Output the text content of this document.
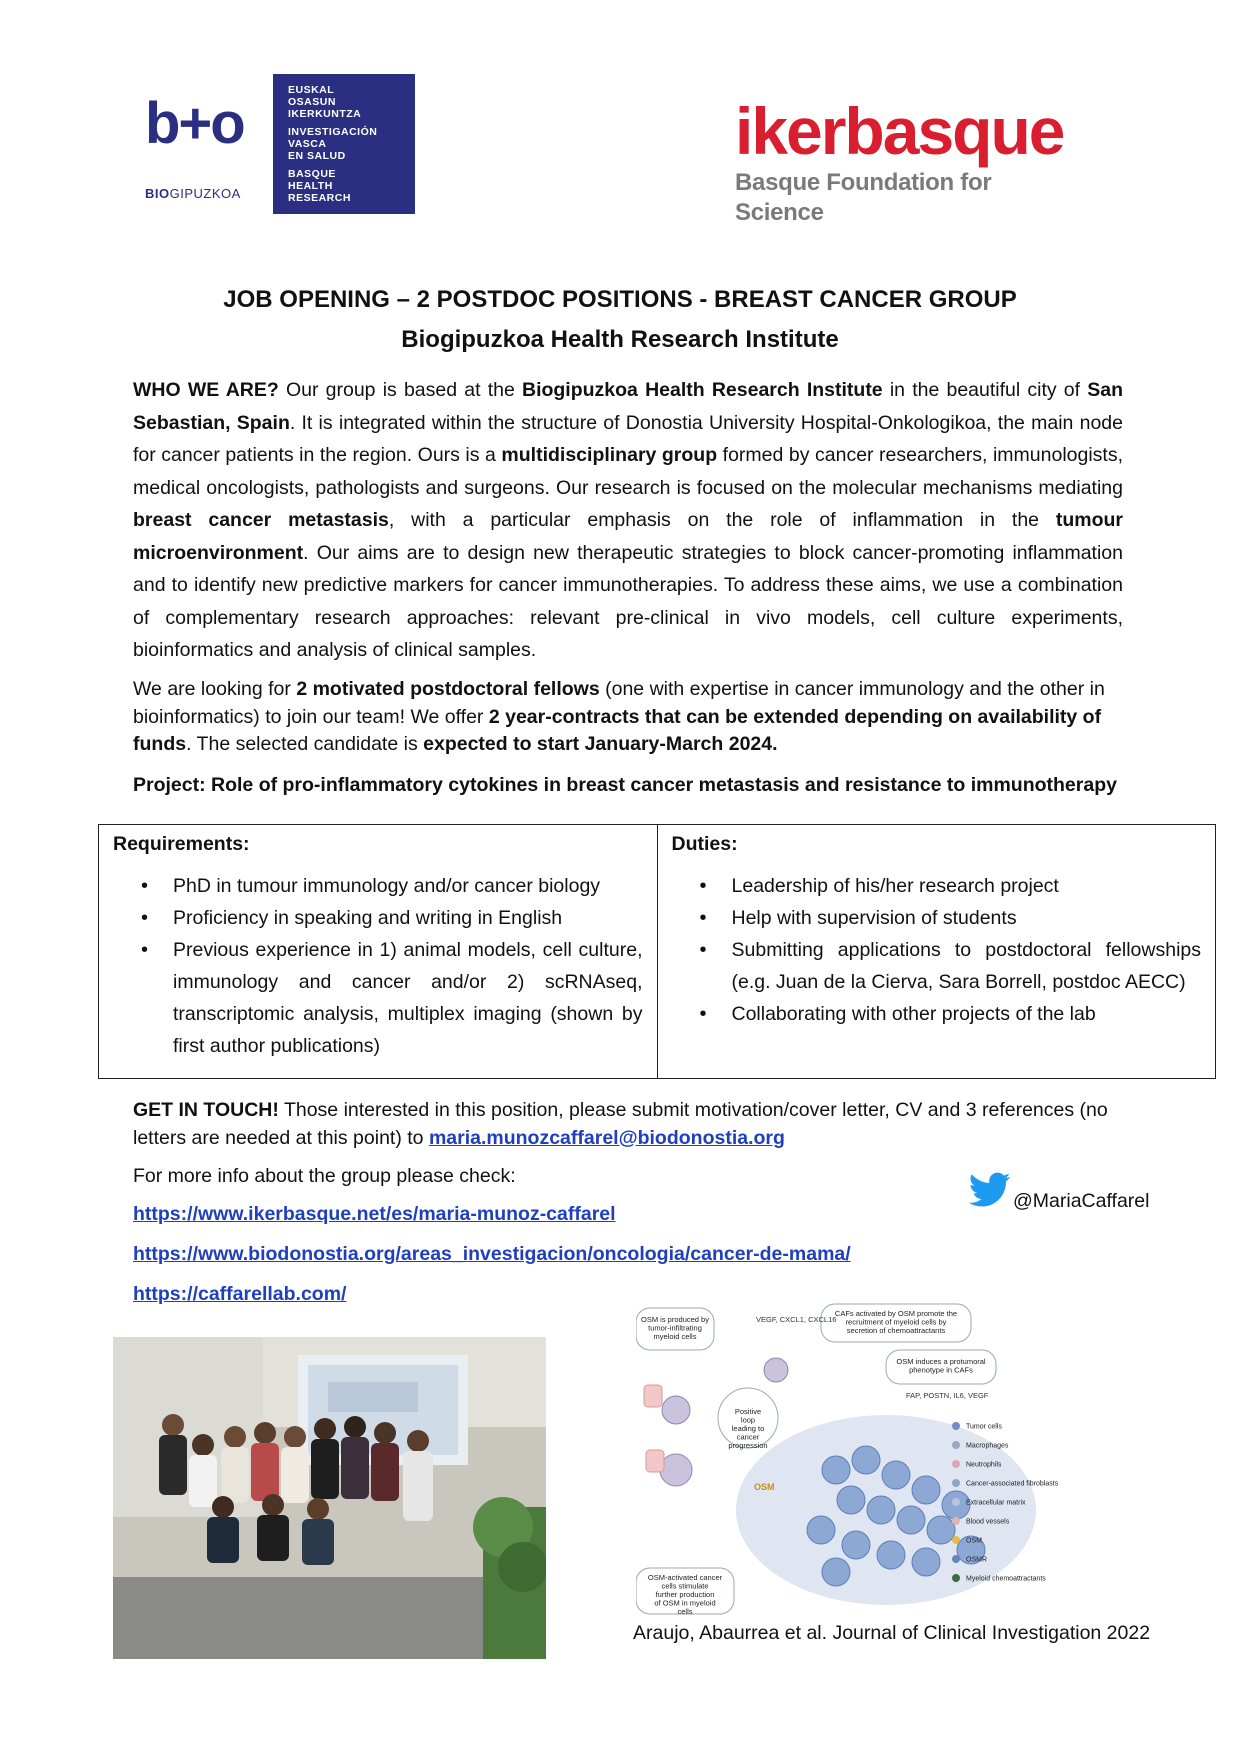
b+o
BIOGIPUZKOA
EUSKAL
OSASUN
IKERKUNTZA
INVESTIGACIÓN
VASCA
EN SALUD
BASQUE
HEALTH
RESEARCH
ikerbasque
Basque Foundation for Science
JOB OPENING – 2 POSTDOC POSITIONS - BREAST CANCER GROUP
Biogipuzkoa Health Research Institute
WHO WE ARE? Our group is based at the Biogipuzkoa Health Research Institute in the beautiful city of San Sebastian, Spain. It is integrated within the structure of Donostia University Hospital-Onkologikoa, the main node for cancer patients in the region. Ours is a multidisciplinary group formed by cancer researchers, immunologists, medical oncologists, pathologists and surgeons. Our research is focused on the molecular mechanisms mediating breast cancer metastasis, with a particular emphasis on the role of inflammation in the tumour microenvironment. Our aims are to design new therapeutic strategies to block cancer-promoting inflammation and to identify new predictive markers for cancer immunotherapies. To address these aims, we use a combination of complementary research approaches: relevant pre-clinical in vivo models, cell culture experiments, bioinformatics and analysis of clinical samples.
We are looking for 2 motivated postdoctoral fellows (one with expertise in cancer immunology and the other in bioinformatics) to join our team! We offer 2 year-contracts that can be extended depending on availability of funds. The selected candidate is expected to start January-March 2024.
Project: Role of pro-inflammatory cytokines in breast cancer metastasis and resistance to immunotherapy
Requirements:
• PhD in tumour immunology and/or cancer biology
• Proficiency in speaking and writing in English
• Previous experience in 1) animal models, cell culture, immunology and cancer and/or 2) scRNAseq, transcriptomic analysis, multiplex imaging (shown by first author publications)

Duties:
• Leadership of his/her research project
• Help with supervision of students
• Submitting applications to postdoctoral fellowships (e.g. Juan de la Cierva, Sara Borrell, postdoc AECC)
• Collaborating with other projects of the lab
GET IN TOUCH! Those interested in this position, please submit motivation/cover letter, CV and 3 references (no letters are needed at this point) to maria.munozcaffarel@biodonostia.org
For more info about the group please check:
https://www.ikerbasque.net/es/maria-munoz-caffarel
https://www.biodonostia.org/areas_investigacion/oncologia/cancer-de-mama/
https://caffarellab.com/
@MariaCaffarel
CAFs activated by OSM promote the recruitment of myeloid cells by secretion of chemoattractants
OSM is produced by tumor-infiltrating myeloid cells
OSM induces a protumoral phenotype in CAFs
Positive loop leading to cancer progression
OSM-activated cancer cells stimulate further production of OSM in myeloid cells
VEGF, CXCL1, CXCL16
FAP, POSTN, IL6, VEGF
OSM
Tumor cells
Macrophages
Neutrophils
Cancer-associated fibroblasts
Extracellular matrix
Blood vessels
OSM
OSMR
Myeloid chemoattractants
Araujo, Abaurrea et al. Journal of Clinical Investigation 2022
